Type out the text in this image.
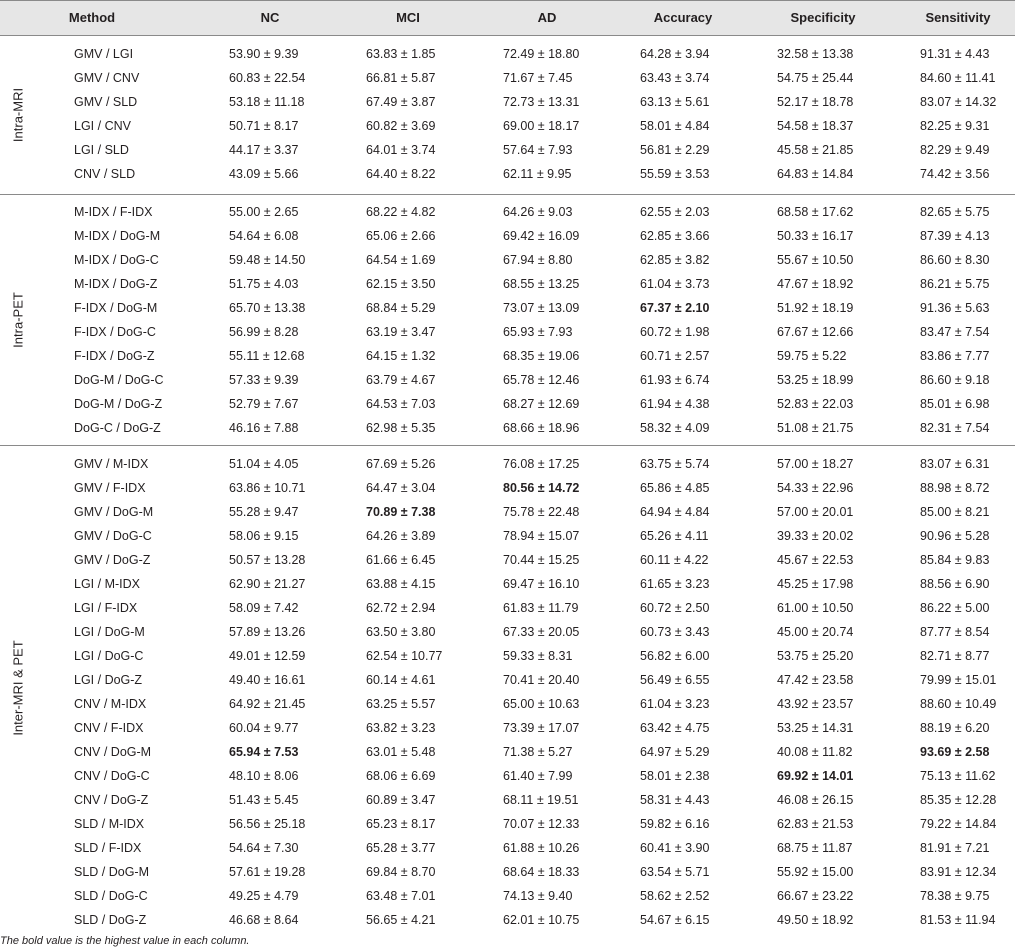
Method	NC	MCI	AD	Accuracy	Specificity	Sensitivity
Intra-MRI
GMV / LGI	53.90 ± 9.39	63.83 ± 1.85	72.49 ± 18.80	64.28 ± 3.94	32.58 ± 13.38	91.31 ± 4.43
GMV / CNV	60.83 ± 22.54	66.81 ± 5.87	71.67 ± 7.45	63.43 ± 3.74	54.75 ± 25.44	84.60 ± 11.41
GMV / SLD	53.18 ± 11.18	67.49 ± 3.87	72.73 ± 13.31	63.13 ± 5.61	52.17 ± 18.78	83.07 ± 14.32
LGI / CNV	50.71 ± 8.17	60.82 ± 3.69	69.00 ± 18.17	58.01 ± 4.84	54.58 ± 18.37	82.25 ± 9.31
LGI / SLD	44.17 ± 3.37	64.01 ± 3.74	57.64 ± 7.93	56.81 ± 2.29	45.58 ± 21.85	82.29 ± 9.49
CNV / SLD	43.09 ± 5.66	64.40 ± 8.22	62.11 ± 9.95	55.59 ± 3.53	64.83 ± 14.84	74.42 ± 3.56
Intra-PET
M-IDX / F-IDX	55.00 ± 2.65	68.22 ± 4.82	64.26 ± 9.03	62.55 ± 2.03	68.58 ± 17.62	82.65 ± 5.75
M-IDX / DoG-M	54.64 ± 6.08	65.06 ± 2.66	69.42 ± 16.09	62.85 ± 3.66	50.33 ± 16.17	87.39 ± 4.13
M-IDX / DoG-C	59.48 ± 14.50	64.54 ± 1.69	67.94 ± 8.80	62.85 ± 3.82	55.67 ± 10.50	86.60 ± 8.30
M-IDX / DoG-Z	51.75 ± 4.03	62.15 ± 3.50	68.55 ± 13.25	61.04 ± 3.73	47.67 ± 18.92	86.21 ± 5.75
F-IDX / DoG-M	65.70 ± 13.38	68.84 ± 5.29	73.07 ± 13.09	67.37 ± 2.10	51.92 ± 18.19	91.36 ± 5.63
F-IDX / DoG-C	56.99 ± 8.28	63.19 ± 3.47	65.93 ± 7.93	60.72 ± 1.98	67.67 ± 12.66	83.47 ± 7.54
F-IDX / DoG-Z	55.11 ± 12.68	64.15 ± 1.32	68.35 ± 19.06	60.71 ± 2.57	59.75 ± 5.22	83.86 ± 7.77
DoG-M / DoG-C	57.33 ± 9.39	63.79 ± 4.67	65.78 ± 12.46	61.93 ± 6.74	53.25 ± 18.99	86.60 ± 9.18
DoG-M / DoG-Z	52.79 ± 7.67	64.53 ± 7.03	68.27 ± 12.69	61.94 ± 4.38	52.83 ± 22.03	85.01 ± 6.98
DoG-C / DoG-Z	46.16 ± 7.88	62.98 ± 5.35	68.66 ± 18.96	58.32 ± 4.09	51.08 ± 21.75	82.31 ± 7.54
Inter-MRI & PET
GMV / M-IDX	51.04 ± 4.05	67.69 ± 5.26	76.08 ± 17.25	63.75 ± 5.74	57.00 ± 18.27	83.07 ± 6.31
GMV / F-IDX	63.86 ± 10.71	64.47 ± 3.04	80.56 ± 14.72	65.86 ± 4.85	54.33 ± 22.96	88.98 ± 8.72
GMV / DoG-M	55.28 ± 9.47	70.89 ± 7.38	75.78 ± 22.48	64.94 ± 4.84	57.00 ± 20.01	85.00 ± 8.21
GMV / DoG-C	58.06 ± 9.15	64.26 ± 3.89	78.94 ± 15.07	65.26 ± 4.11	39.33 ± 20.02	90.96 ± 5.28
GMV / DoG-Z	50.57 ± 13.28	61.66 ± 6.45	70.44 ± 15.25	60.11 ± 4.22	45.67 ± 22.53	85.84 ± 9.83
LGI / M-IDX	62.90 ± 21.27	63.88 ± 4.15	69.47 ± 16.10	61.65 ± 3.23	45.25 ± 17.98	88.56 ± 6.90
LGI / F-IDX	58.09 ± 7.42	62.72 ± 2.94	61.83 ± 11.79	60.72 ± 2.50	61.00 ± 10.50	86.22 ± 5.00
LGI / DoG-M	57.89 ± 13.26	63.50 ± 3.80	67.33 ± 20.05	60.73 ± 3.43	45.00 ± 20.74	87.77 ± 8.54
LGI / DoG-C	49.01 ± 12.59	62.54 ± 10.77	59.33 ± 8.31	56.82 ± 6.00	53.75 ± 25.20	82.71 ± 8.77
LGI / DoG-Z	49.40 ± 16.61	60.14 ± 4.61	70.41 ± 20.40	56.49 ± 6.55	47.42 ± 23.58	79.99 ± 15.01
CNV / M-IDX	64.92 ± 21.45	63.25 ± 5.57	65.00 ± 10.63	61.04 ± 3.23	43.92 ± 23.57	88.60 ± 10.49
CNV / F-IDX	60.04 ± 9.77	63.82 ± 3.23	73.39 ± 17.07	63.42 ± 4.75	53.25 ± 14.31	88.19 ± 6.20
CNV / DoG-M	65.94 ± 7.53	63.01 ± 5.48	71.38 ± 5.27	64.97 ± 5.29	40.08 ± 11.82	93.69 ± 2.58
CNV / DoG-C	48.10 ± 8.06	68.06 ± 6.69	61.40 ± 7.99	58.01 ± 2.38	69.92 ± 14.01	75.13 ± 11.62
CNV / DoG-Z	51.43 ± 5.45	60.89 ± 3.47	68.11 ± 19.51	58.31 ± 4.43	46.08 ± 26.15	85.35 ± 12.28
SLD / M-IDX	56.56 ± 25.18	65.23 ± 8.17	70.07 ± 12.33	59.82 ± 6.16	62.83 ± 21.53	79.22 ± 14.84
SLD / F-IDX	54.64 ± 7.30	65.28 ± 3.77	61.88 ± 10.26	60.41 ± 3.90	68.75 ± 11.87	81.91 ± 7.21
SLD / DoG-M	57.61 ± 19.28	69.84 ± 8.70	68.64 ± 18.33	63.54 ± 5.71	55.92 ± 15.00	83.91 ± 12.34
SLD / DoG-C	49.25 ± 4.79	63.48 ± 7.01	74.13 ± 9.40	58.62 ± 2.52	66.67 ± 23.22	78.38 ± 9.75
SLD / DoG-Z	46.68 ± 8.64	56.65 ± 4.21	62.01 ± 10.75	54.67 ± 6.15	49.50 ± 18.92	81.53 ± 11.94
The bold value is the highest value in each column.
